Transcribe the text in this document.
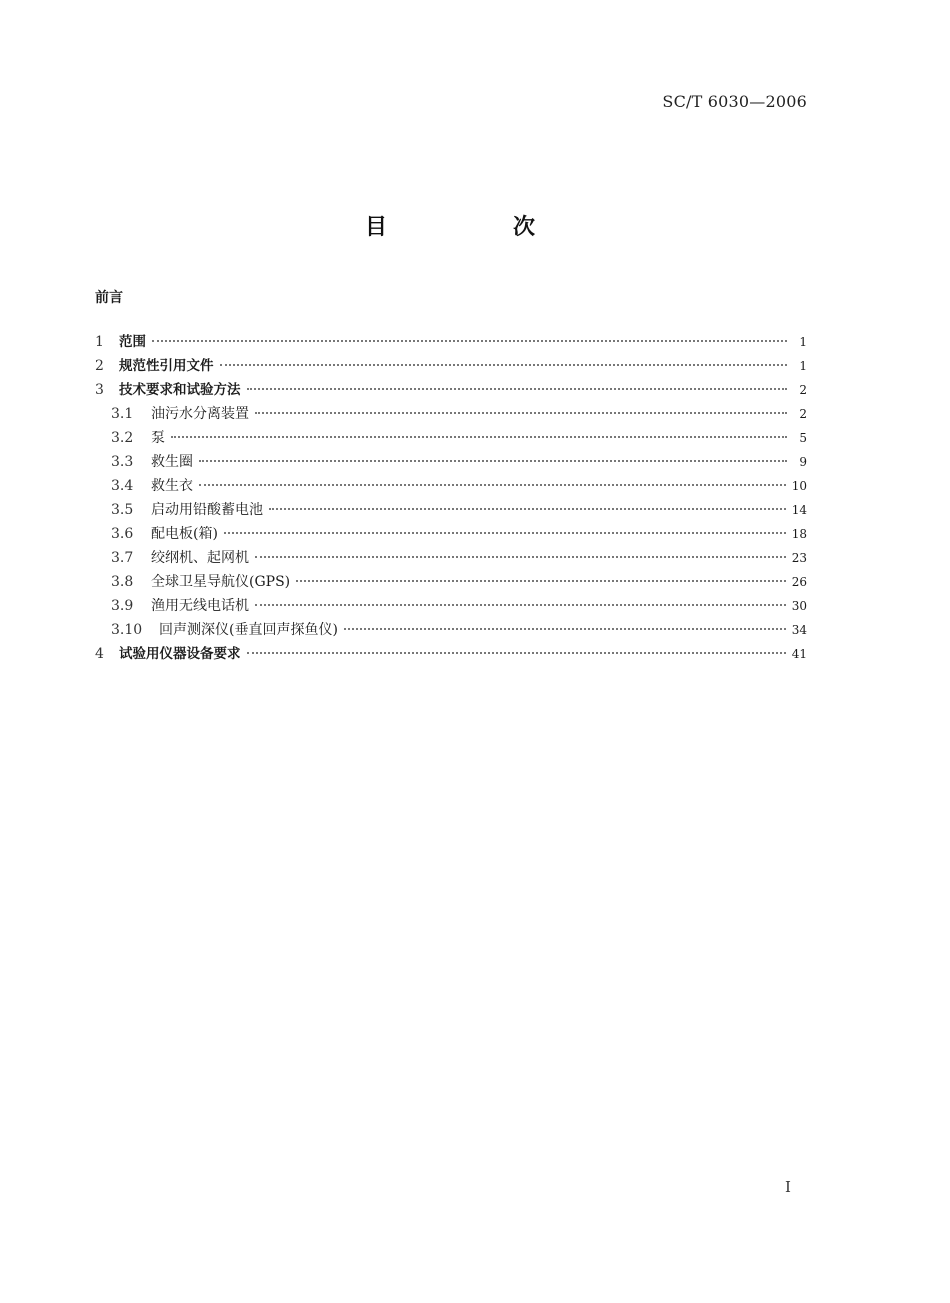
SC/T 6030—2006
目　次
前言
1	范围	1
2	规范性引用文件	1
3	技术要求和试验方法	2
3.1	油污水分离装置	2
3.2	泵	5
3.3	救生圈	9
3.4	救生衣	10
3.5	启动用铅酸蓄电池	14
3.6	配电板(箱)	18
3.7	绞纲机、起网机	23
3.8	全球卫星导航仪(GPS)	26
3.9	渔用无线电话机	30
3.10	回声测深仪(垂直回声探鱼仪)	34
4	试验用仪器设备要求	41
I
